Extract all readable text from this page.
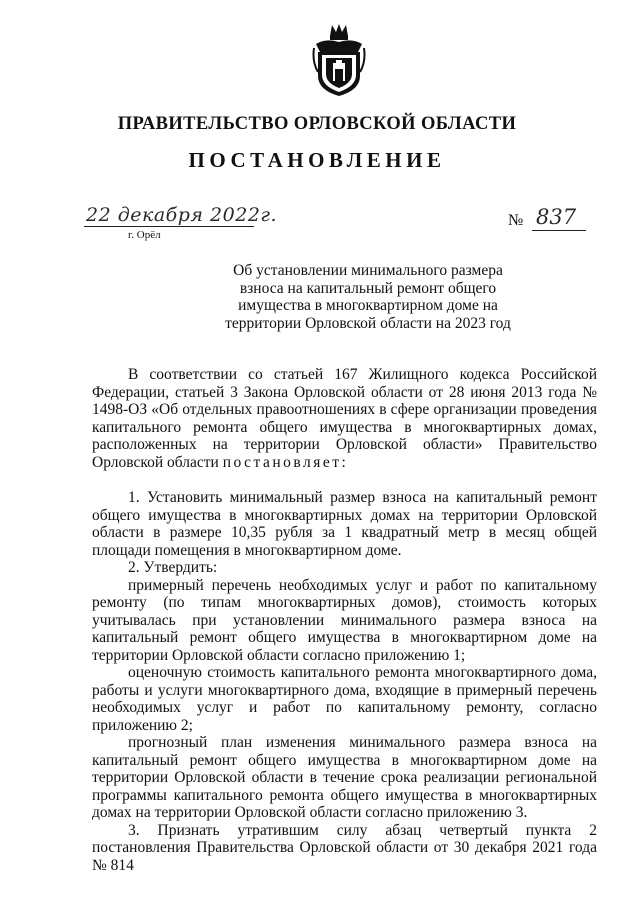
ПРАВИТЕЛЬСТВО ОРЛОВСКОЙ ОБЛАСТИ
ПОСТАНОВЛЕНИЕ
22 декабря 2022г.
г. Орёл
№ 837
Об установлении минимального размера взноса на капитальный ремонт общего имущества в многоквартирном доме на территории Орловской области на 2023 год

В соответствии со статьей 167 Жилищного кодекса Российской Федерации, статьей 3 Закона Орловской области от 28 июня 2013 года № 1498-ОЗ «Об отдельных правоотношениях в сфере организации проведения капитального ремонта общего имущества в многоквартирных домах, расположенных на территории Орловской области» Правительство Орловской области постановляет:

1. Установить минимальный размер взноса на капитальный ремонт общего имущества в многоквартирных домах на территории Орловской области в размере 10,35 рубля за 1 квадратный метр в месяц общей площади помещения в многоквартирном доме.

2. Утвердить:

примерный перечень необходимых услуг и работ по капитальному ремонту (по типам многоквартирных домов), стоимость которых учитывалась при установлении минимального размера взноса на капитальный ремонт общего имущества в многоквартирном доме на территории Орловской области согласно приложению 1;

оценочную стоимость капитального ремонта многоквартирного дома, работы и услуги многоквартирного дома, входящие в примерный перечень необходимых услуг и работ по капитальному ремонту, согласно приложению 2;

прогнозный план изменения минимального размера взноса на капитальный ремонт общего имущества в многоквартирном доме на территории Орловской области в течение срока реализации региональной программы капитального ремонта общего имущества в многоквартирных домах на территории Орловской области согласно приложению 3.

3. Признать утратившим силу абзац четвертый пункта 2 постановления Правительства Орловской области от 30 декабря 2021 года № 814
